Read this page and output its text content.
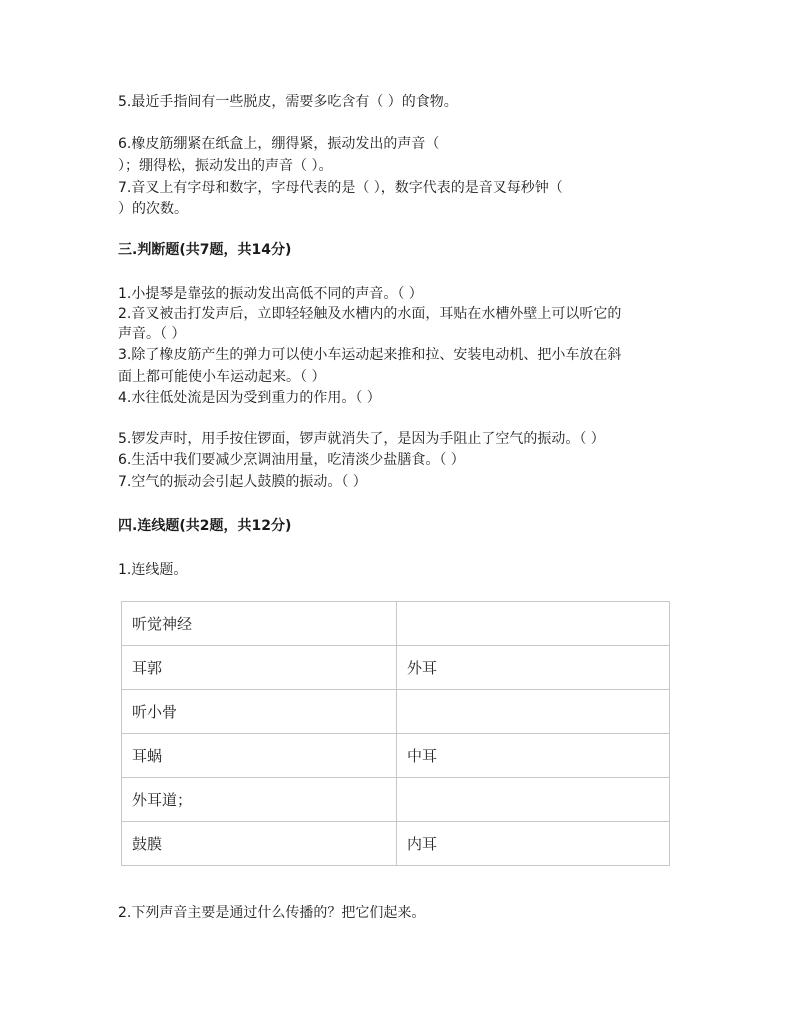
5.最近手指间有一些脱皮，需要多吃含有（ ）的食物。

6.橡皮筋绷紧在纸盒上，绷得紧，振动发出的声音（

）；绷得松，振动发出的声音（ ）。

7.音叉上有字母和数字，字母代表的是（ ），数字代表的是音叉每秒钟（

）的次数。

三.判断题(共7题，共14分)

1.小提琴是靠弦的振动发出高低不同的声音。（ ）

2.音叉被击打发声后，立即轻轻触及水槽内的水面，耳贴在水槽外壁上可以听它的

声音。（ ）

3.除了橡皮筋产生的弹力可以使小车运动起来推和拉、安装电动机、把小车放在斜

面上都可能使小车运动起来。（ ）

4.水往低处流是因为受到重力的作用。（ ）

5.锣发声时，用手按住锣面，锣声就消失了，是因为手阻止了空气的振动。（ ）

6.生活中我们要减少烹调油用量，吃清淡少盐膳食。（ ）

7.空气的振动会引起人鼓膜的振动。（ ）

四.连线题(共2题，共12分)

1.连线题。

听觉神经	
耳郭	外耳
听小骨	
耳蜗	中耳
外耳道；	
鼓膜	内耳

2.下列声音主要是通过什么传播的？把它们起来。
